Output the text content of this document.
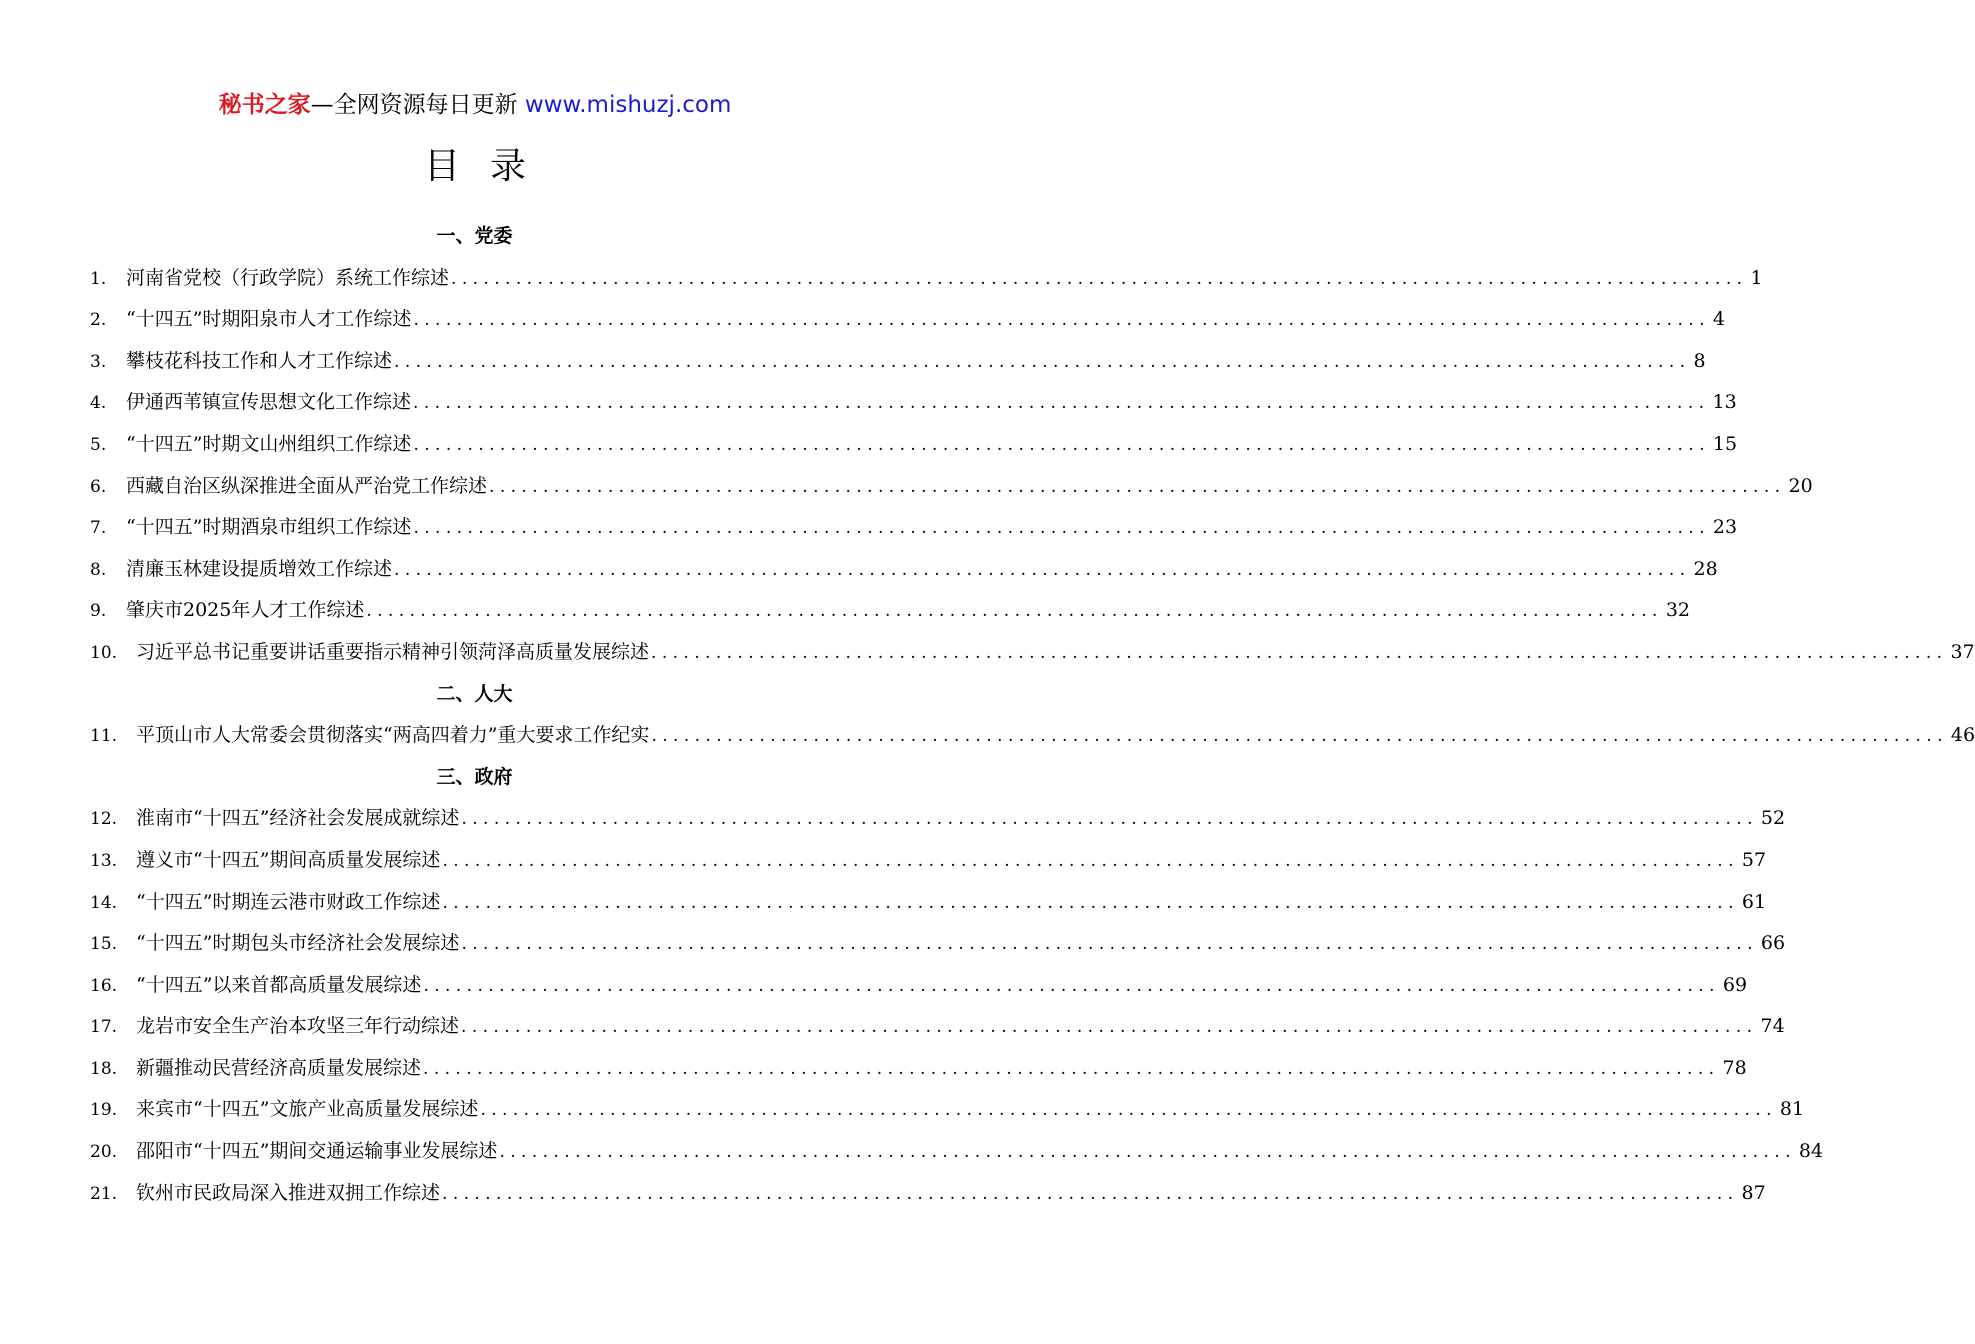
秘书之家—全网资源每日更新 www.mishuzj.com
目录
一、党委
1.	河南省党校（行政学院）系统工作综述 ........................................................................................................................ 1
2.	“十四五”时期阳泉市人才工作综述 ........................................................................................................................ 4
3.	攀枝花科技工作和人才工作综述 ........................................................................................................................ 8
4.	伊通西苇镇宣传思想文化工作综述 ........................................................................................................................ 13
5.	“十四五”时期文山州组织工作综述 ........................................................................................................................ 15
6.	西藏自治区纵深推进全面从严治党工作综述 ........................................................................................................................ 20
7.	“十四五”时期酒泉市组织工作综述 ........................................................................................................................ 23
8.	清廉玉林建设提质增效工作综述 ........................................................................................................................ 28
9.	肇庆市2025年人才工作综述 ........................................................................................................................ 32
10. 习近平总书记重要讲话重要指示精神引领菏泽高质量发展综述 ........................................................................................................................ 37
二、人大
11. 平顶山市人大常委会贯彻落实“两高四着力”重大要求工作纪实 ........................................................................................................................ 46
三、政府
12. 淮南市“十四五”经济社会发展成就综述 ........................................................................................................................ 52
13. 遵义市“十四五”期间高质量发展综述 ........................................................................................................................ 57
14. “十四五”时期连云港市财政工作综述 ........................................................................................................................ 61
15. “十四五”时期包头市经济社会发展综述 ........................................................................................................................ 66
16. “十四五”以来首都高质量发展综述 ........................................................................................................................ 69
17. 龙岩市安全生产治本攻坚三年行动综述 ........................................................................................................................ 74
18. 新疆推动民营经济高质量发展综述 ........................................................................................................................ 78
19. 来宾市“十四五”文旅产业高质量发展综述 ........................................................................................................................ 81
20. 邵阳市“十四五”期间交通运输事业发展综述 ........................................................................................................................ 84
21. 钦州市民政局深入推进双拥工作综述 ........................................................................................................................ 87
